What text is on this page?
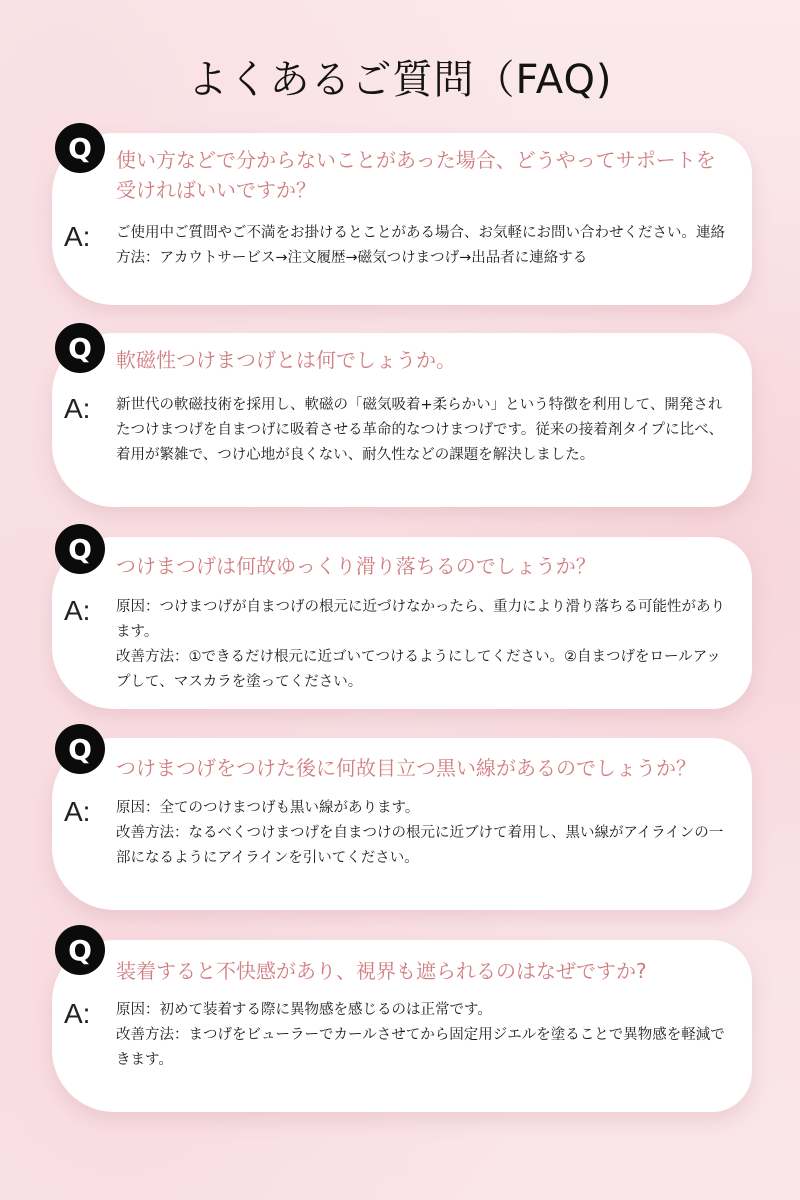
よくあるご質問（FAQ)
Q	使い方などで分からないことがあった場合、どうやってサポートを受ければいいですか？
A: ご使用中ご質問やご不満をお掛けるとことがある場合、お気軽にお問い合わせください。連絡方法：アカウトサービス→注文履歴→磁気つけまつげ→出品者に連絡する
Q	軟磁性つけまつげとは何でしょうか。
A: 新世代の軟磁技術を採用し、軟磁の「磁気吸着+柔らかい」という特徴を利用して、開発されたつけまつげを自まつげに吸着させる革命的なつけまつげです。従来の接着剤タイプに比べ、着用が繁雑で、つけ心地が良くない、耐久性などの課題を解決しました。
Q
つけまつげは何故ゆっくり滑り落ちるのでしょうか？
A: 原因：つけまつげが自まつげの根元に近づけなかったら、重力により滑り落ちる可能性があります。
改善方法：①できるだけ根元に近ゴいてつけるようにしてください。②自まつげをロールアップして、マスカラを塗ってください。
Q
つけまつげをつけた後に何故目立つ黒い線があるのでしょうか？
A: 原因：全てのつけまつげも黒い線があります。
改善方法：なるべくつけまつげを自まつけの根元に近ブけて着用し、黒い線がアイラインの一部になるようにアイラインを引いてください。
Q
装着すると不快感があり、視界も遮られるのはなぜですか?
A: 原因：初めて装着する際に異物感を感じるのは正常です。
改善方法：まつげをビューラーでカールさせてから固定用ジエルを塗ることで異物感を軽減できます。
